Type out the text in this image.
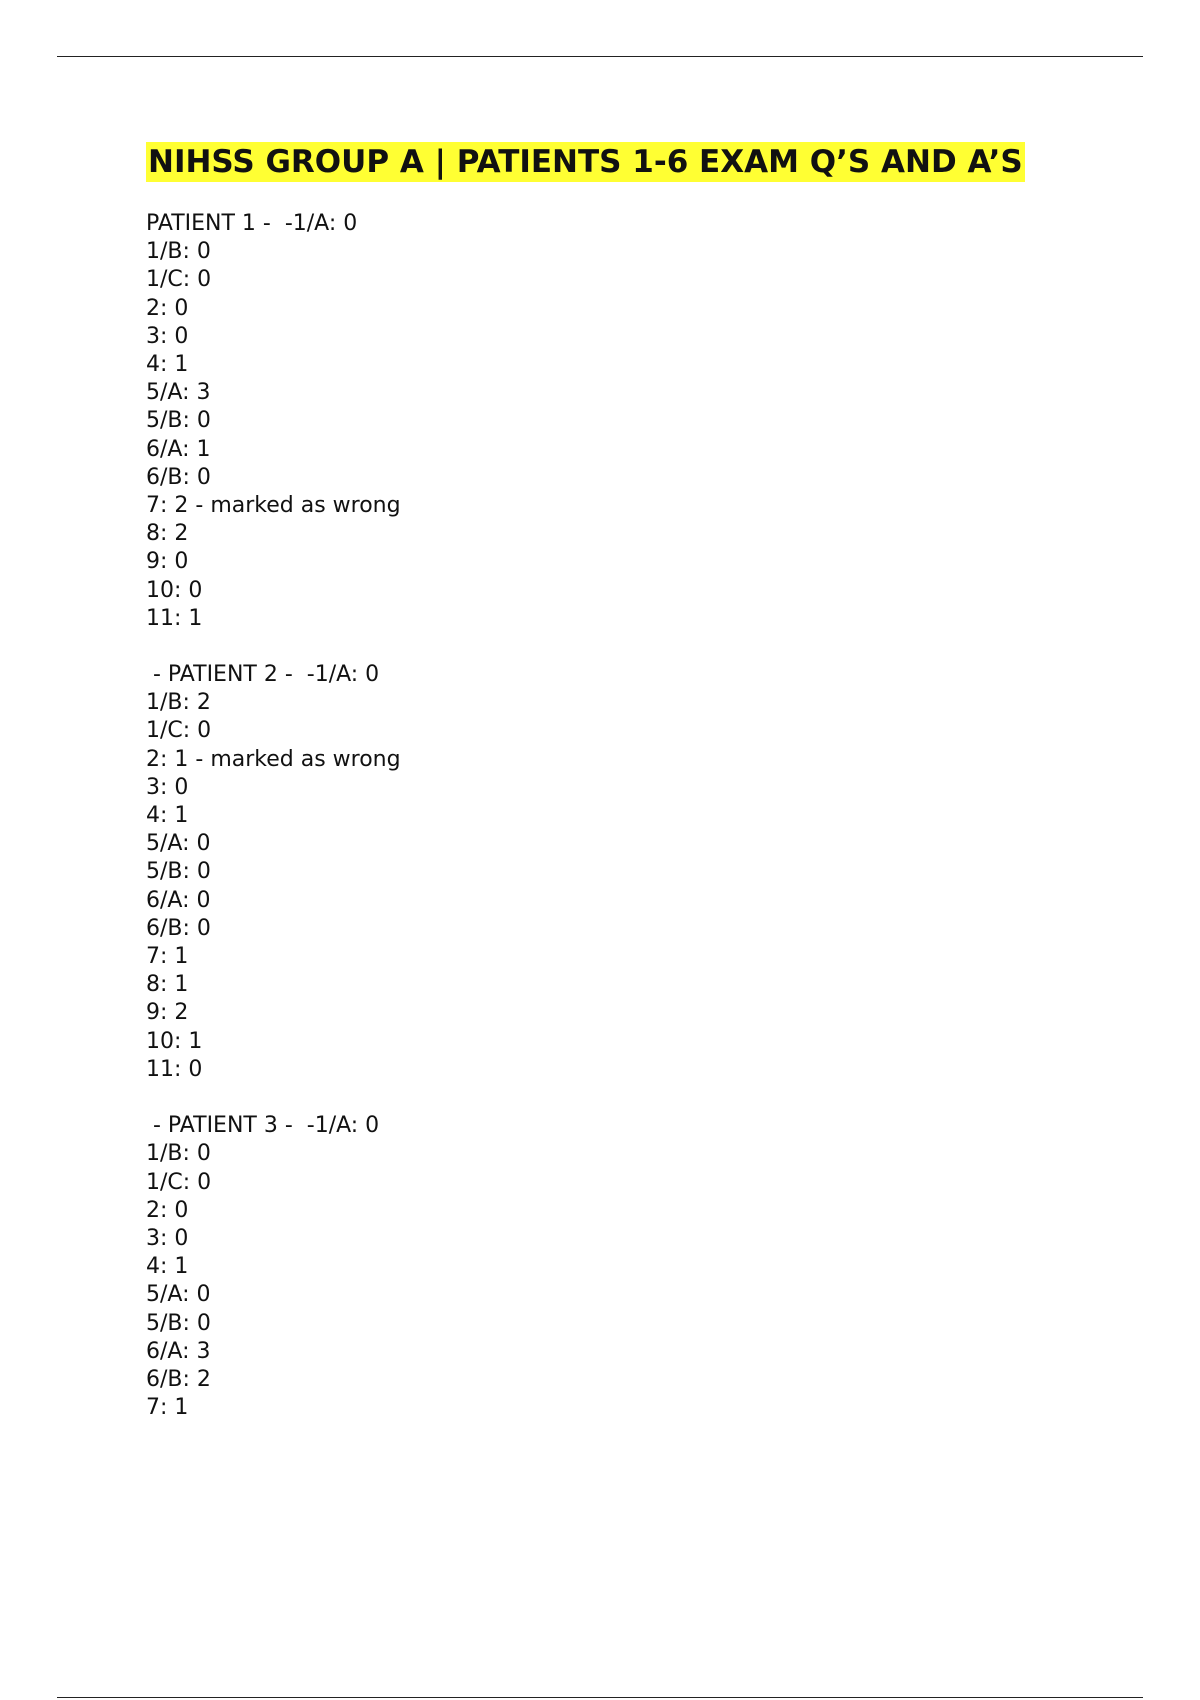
NIHSS GROUP A | PATIENTS 1-6 EXAM Q’S AND A’S
PATIENT 1 -  -1/A: 0
1/B: 0
1/C: 0
2: 0
3: 0
4: 1
5/A: 3
5/B: 0
6/A: 1
6/B: 0
7: 2 - marked as wrong
8: 2
9: 0
10: 0
11: 1
- PATIENT 2 -  -1/A: 0
1/B: 2
1/C: 0
2: 1 - marked as wrong
3: 0
4: 1
5/A: 0
5/B: 0
6/A: 0
6/B: 0
7: 1
8: 1
9: 2
10: 1
11: 0
- PATIENT 3 -  -1/A: 0
1/B: 0
1/C: 0
2: 0
3: 0
4: 1
5/A: 0
5/B: 0
6/A: 3
6/B: 2
7: 1
